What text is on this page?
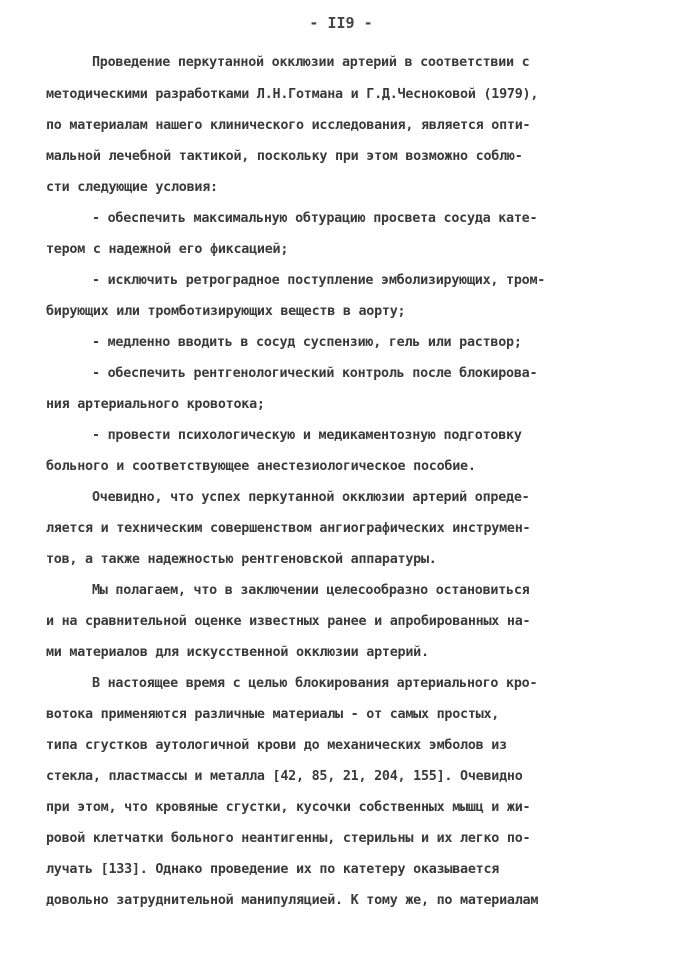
- II9 -
Проведение перкутанной окклюзии артерий в соответствии с
методическими разработками Л.Н.Готмана и Г.Д.Чесноковой (1979),
по материалам нашего клинического исследования, является опти-
мальной лечебной тактикой, поскольку при этом возможно соблю-
сти следующие условия:
- обеспечить максимальную обтурацию просвета сосуда кате-
тером с надежной его фиксацией;
- исключить ретроградное поступление эмболизирующих, тром-
бирующих или тромботизирующих веществ в аорту;
- медленно вводить в сосуд суспензию, гель или раствор;
- обеспечить рентгенологический контроль после блокирова-
ния артериального кровотока;
- провести психологическую и медикаментозную подготовку
больного и соответствующее анестезиологическое пособие.
Очевидно, что успех перкутанной окклюзии артерий опреде-
ляется и техническим совершенством ангиографических инструмен-
тов, а также надежностью рентгеновской аппаратуры.
Мы полагаем, что в заключении целесообразно остановиться
и на сравнительной оценке известных ранее и апробированных на-
ми материалов для искусственной окклюзии артерий.
В настоящее время с целью блокирования артериального кро-
вотока применяются различные материалы - от самых простых,
типа сгустков аутологичной крови до механических эмболов из
стекла, пластмассы и металла [42, 85, 21, 204, 155]. Очевидно
при этом, что кровяные сгустки, кусочки собственных мышц и жи-
ровой клетчатки больного неантигенны, стерильны и их легко по-
лучать [133]. Однако проведение их по катетеру оказывается
довольно затруднительной манипуляцией. К тому же, по материалам
